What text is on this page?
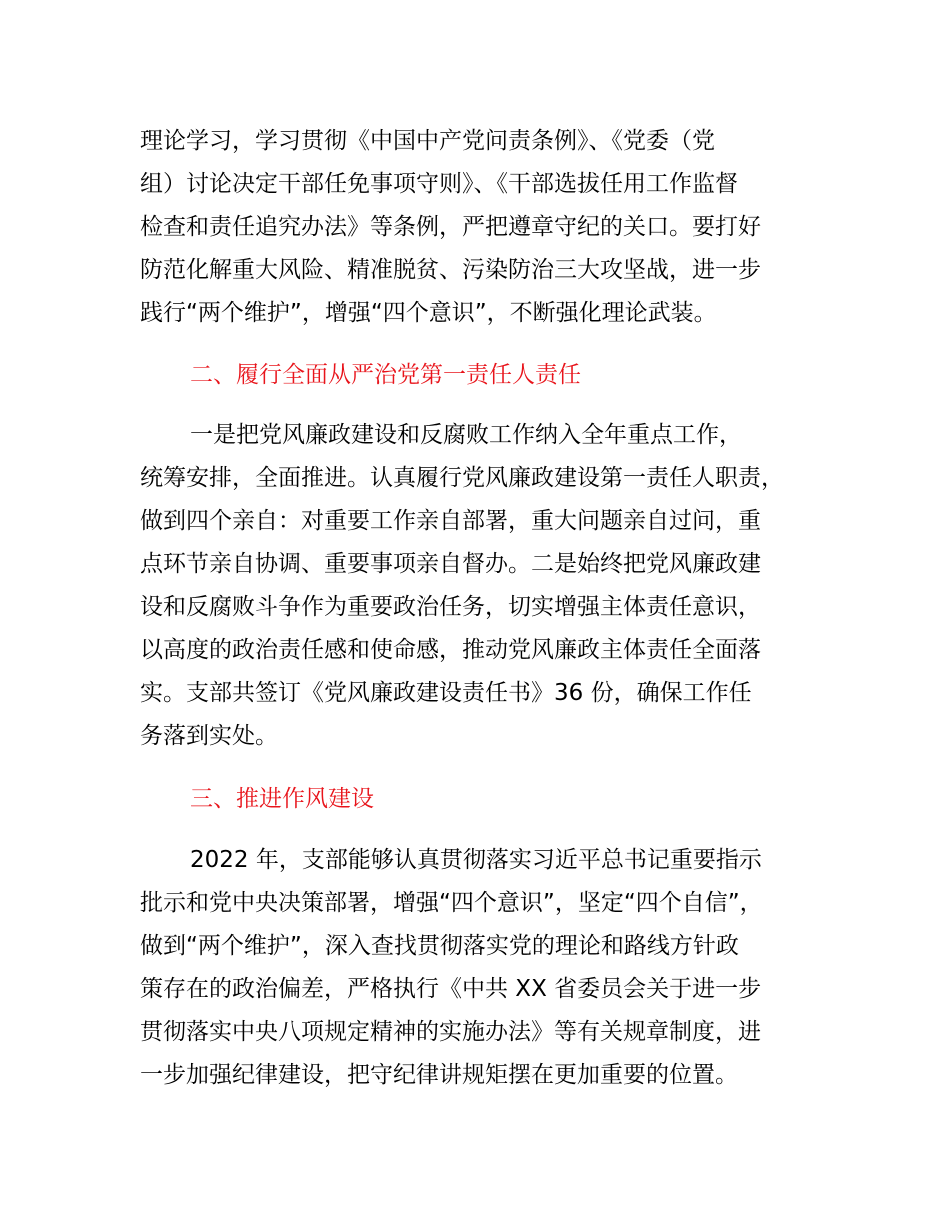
理论学习，学习贯彻《中国中产党问责条例》、《党委（党
组）讨论决定干部任免事项守则》、《干部选拔任用工作监督
检查和责任追究办法》等条例，严把遵章守纪的关口。要打好
防范化解重大风险、精准脱贫、污染防治三大攻坚战，进一步
践行“两个维护”，增强“四个意识”，不断强化理论武装。
二、履行全面从严治党第一责任人责任
一是把党风廉政建设和反腐败工作纳入全年重点工作，
统筹安排，全面推进。认真履行党风廉政建设第一责任人职责，
做到四个亲自：对重要工作亲自部署，重大问题亲自过问，重
点环节亲自协调、重要事项亲自督办。二是始终把党风廉政建
设和反腐败斗争作为重要政治任务，切实增强主体责任意识，
以高度的政治责任感和使命感，推动党风廉政主体责任全面落
实。支部共签订《党风廉政建设责任书》36 份，确保工作任
务落到实处。
三、推进作风建设
2022 年，支部能够认真贯彻落实习近平总书记重要指示
批示和党中央决策部署，增强“四个意识”，坚定“四个自信”，
做到“两个维护”，深入查找贯彻落实党的理论和路线方针政
策存在的政治偏差，严格执行《中共 XX 省委员会关于进一步
贯彻落实中央八项规定精神的实施办法》等有关规章制度，进
一步加强纪律建设，把守纪律讲规矩摆在更加重要的位置。
